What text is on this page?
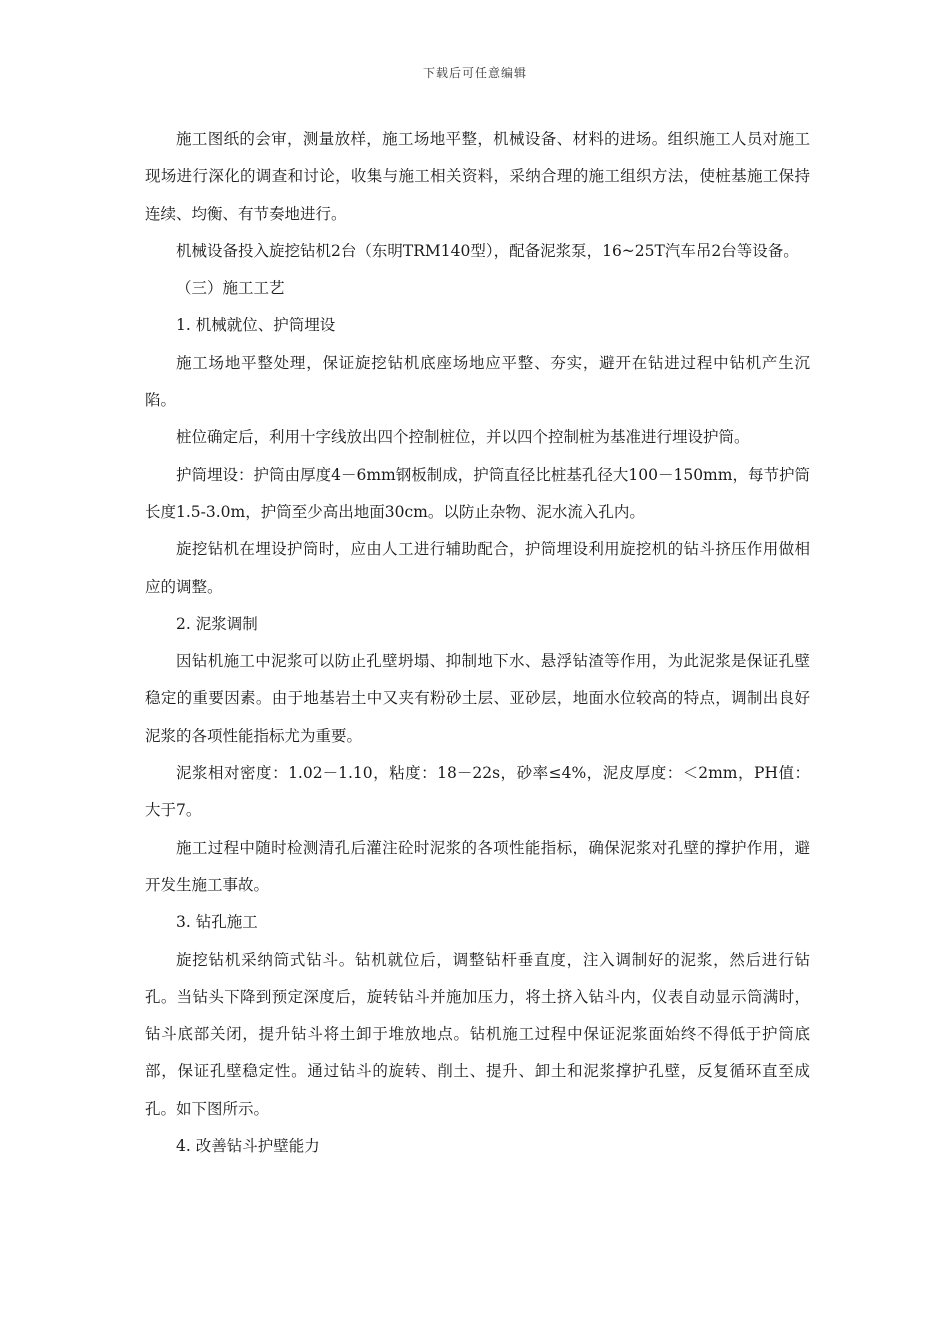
下载后可任意编辑

施工图纸的会审，测量放样，施工场地平整，机械设备、材料的进场。组织施工人员对施工现场进行深化的调查和讨论，收集与施工相关资料，采纳合理的施工组织方法，使桩基施工保持连续、均衡、有节奏地进行。

机械设备投入旋挖钻机2台（东明TRM140型），配备泥浆泵，16~25T汽车吊2台等设备。

（三）施工工艺

1. 机械就位、护筒埋设

施工场地平整处理，保证旋挖钻机底座场地应平整、夯实，避开在钻进过程中钻机产生沉陷。

桩位确定后，利用十字线放出四个控制桩位，并以四个控制桩为基准进行埋设护筒。

护筒埋设：护筒由厚度4－6mm钢板制成，护筒直径比桩基孔径大100－150mm，每节护筒长度1.5-3.0m，护筒至少高出地面30cm。以防止杂物、泥水流入孔内。

旋挖钻机在埋设护筒时，应由人工进行辅助配合，护筒埋设利用旋挖机的钻斗挤压作用做相应的调整。

2. 泥浆调制

因钻机施工中泥浆可以防止孔壁坍塌、抑制地下水、悬浮钻渣等作用，为此泥浆是保证孔壁稳定的重要因素。由于地基岩土中又夹有粉砂土层、亚砂层，地面水位较高的特点，调制出良好泥浆的各项性能指标尤为重要。

泥浆相对密度：1.02－1.10，粘度：18－22s，砂率≤4%，泥皮厚度：＜2mm，PH值：大于7。

施工过程中随时检测清孔后灌注砼时泥浆的各项性能指标，确保泥浆对孔壁的撑护作用，避开发生施工事故。

3. 钻孔施工

旋挖钻机采纳筒式钻斗。钻机就位后，调整钻杆垂直度，注入调制好的泥浆，然后进行钻孔。当钻头下降到预定深度后，旋转钻斗并施加压力，将土挤入钻斗内，仪表自动显示筒满时，钻斗底部关闭，提升钻斗将土卸于堆放地点。钻机施工过程中保证泥浆面始终不得低于护筒底部，保证孔壁稳定性。通过钻斗的旋转、削土、提升、卸土和泥浆撑护孔壁，反复循环直至成孔。如下图所示。

4. 改善钻斗护壁能力
